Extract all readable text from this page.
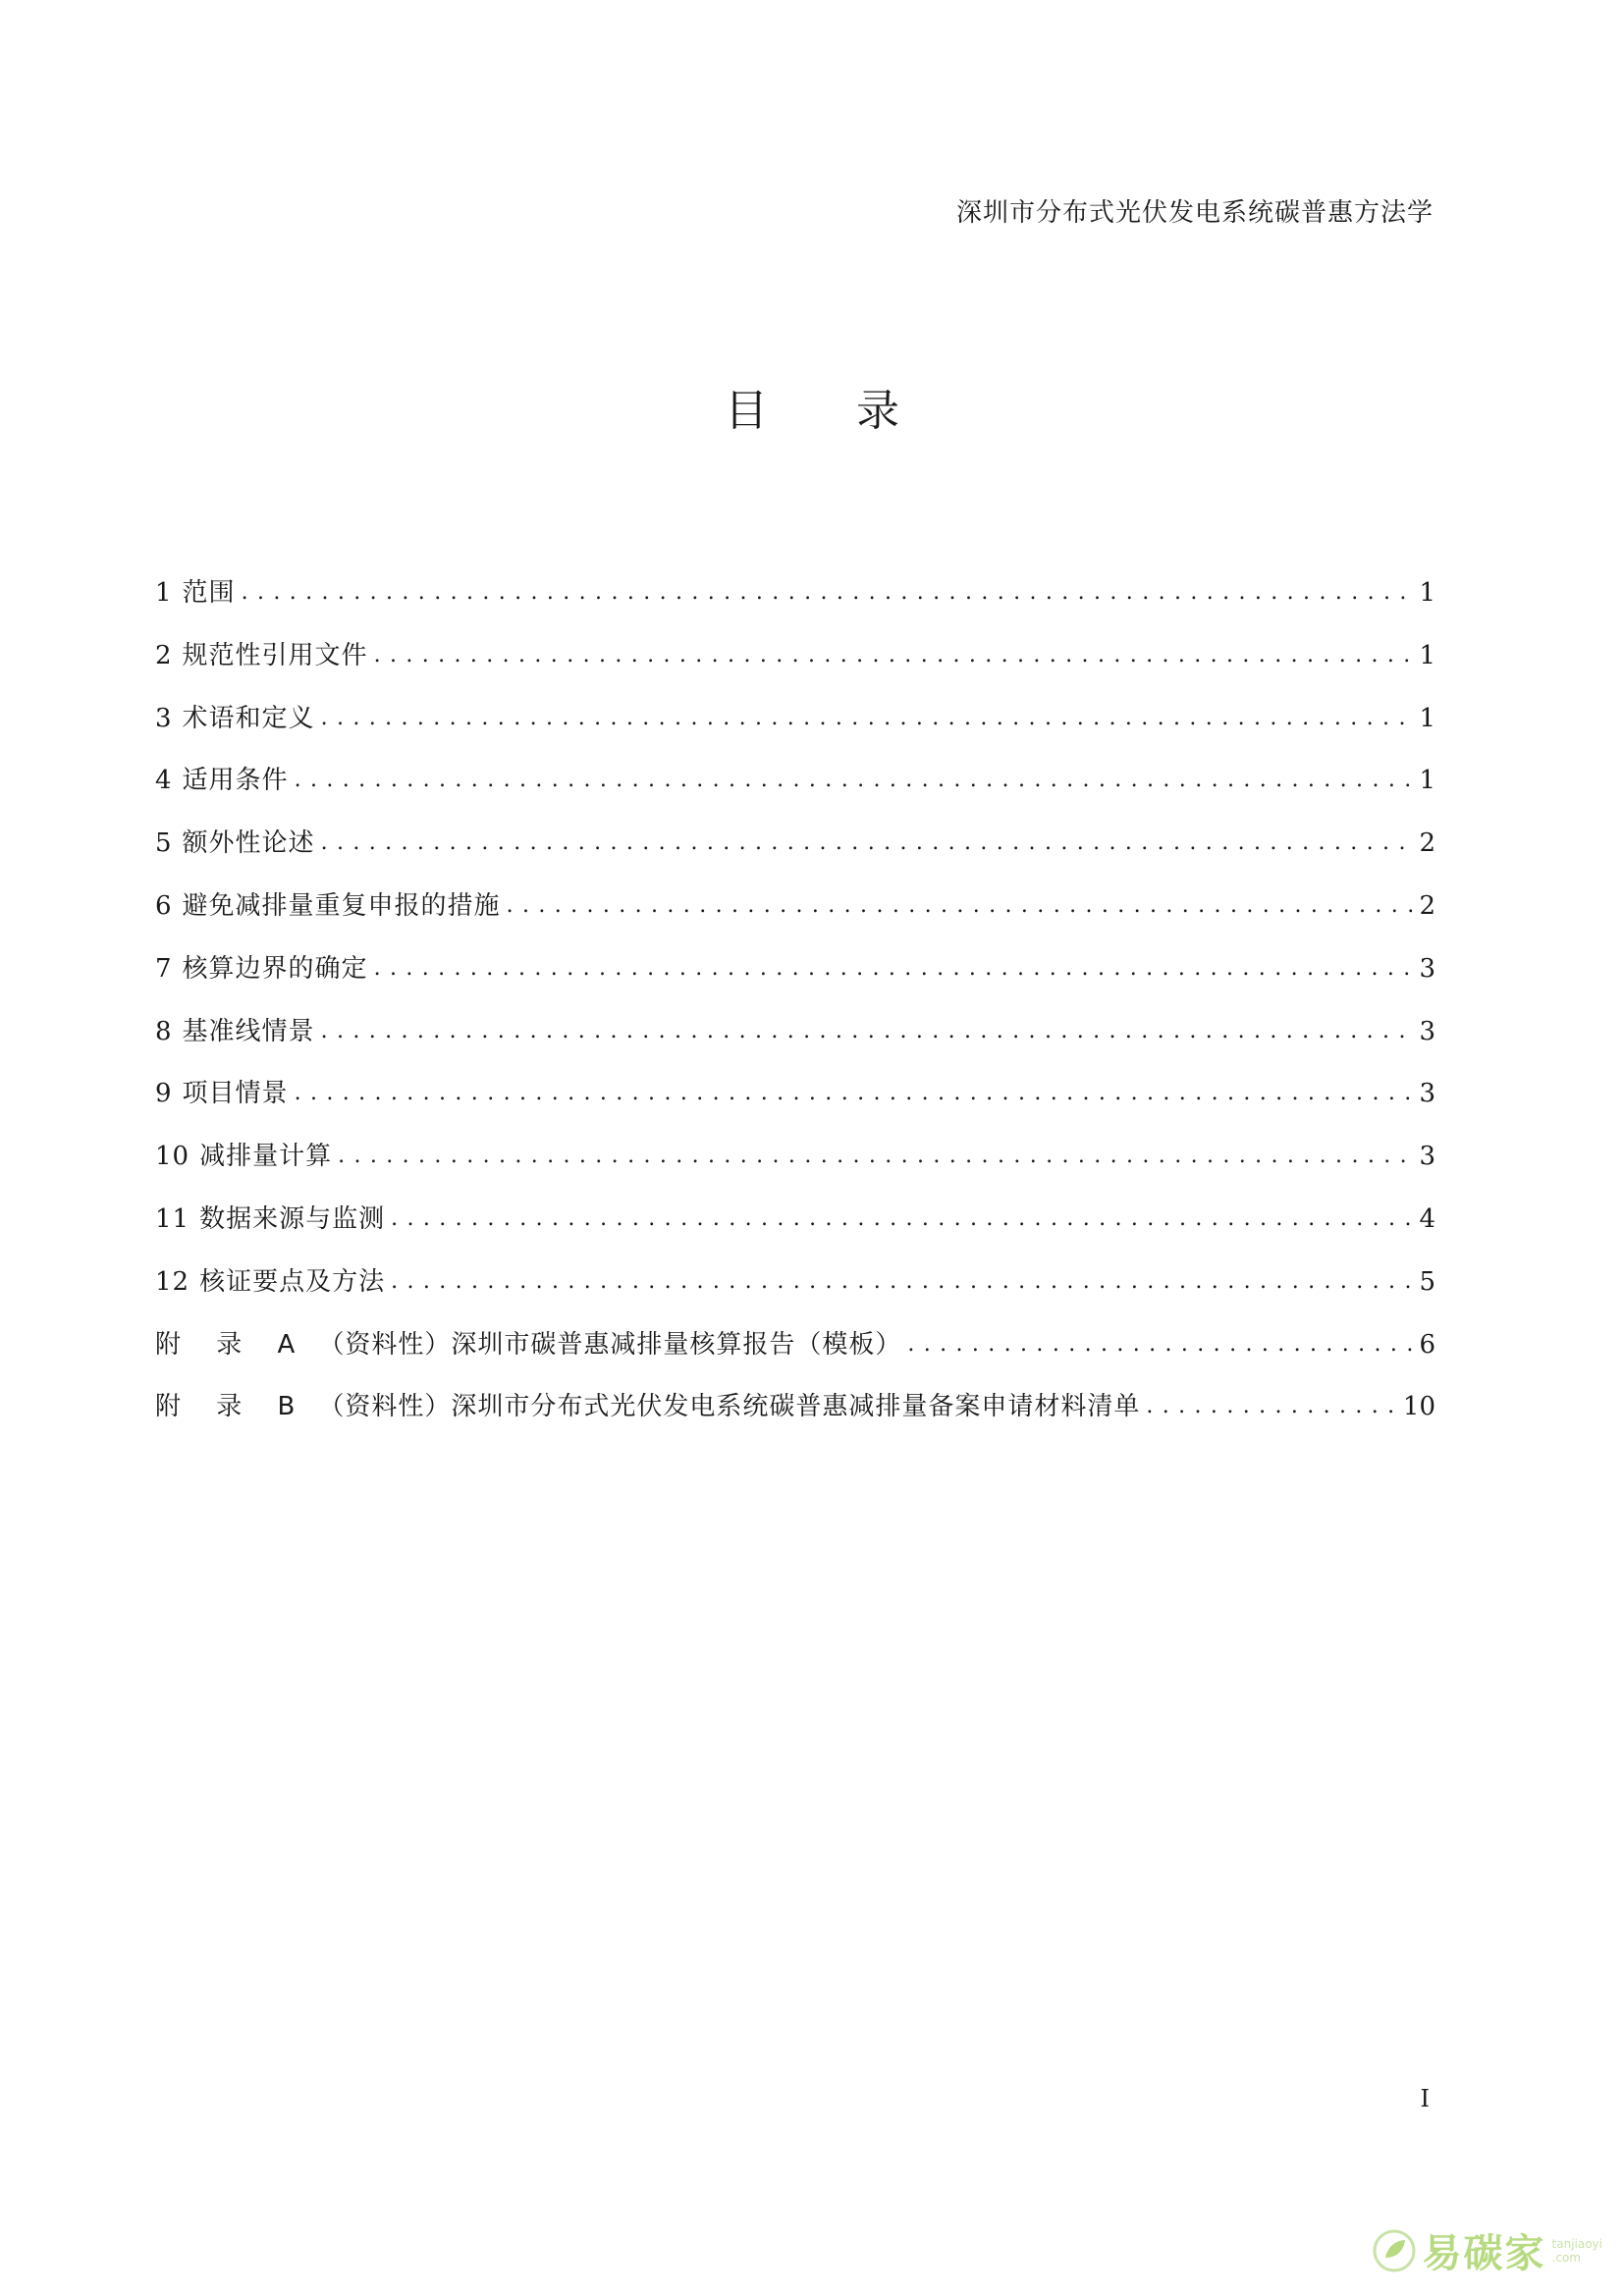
深圳市分布式光伏发电系统碳普惠方法学
目录
1 范围 . . .	1
2 规范性引用文件 . . .	1
3 术语和定义 . . .	1
4 适用条件 . . .	1
5 额外性论述 . . .	2
6 避免减排量重复申报的措施 . . .	2
7 核算边界的确定 . . .	3
8 基准线情景 . . .	3
9 项目情景 . . .	3
10 减排量计算 . . .	3
11 数据来源与监测 . . .	4
12 核证要点及方法 . . .	5
附 录 A （资料性）深圳市碳普惠减排量核算报告（模板） . . .	6
附 录 B （资料性）深圳市分布式光伏发电系统碳普惠减排量备案申请材料清单 . . .	10
I
易碳家 tanjiaoyi
.com
